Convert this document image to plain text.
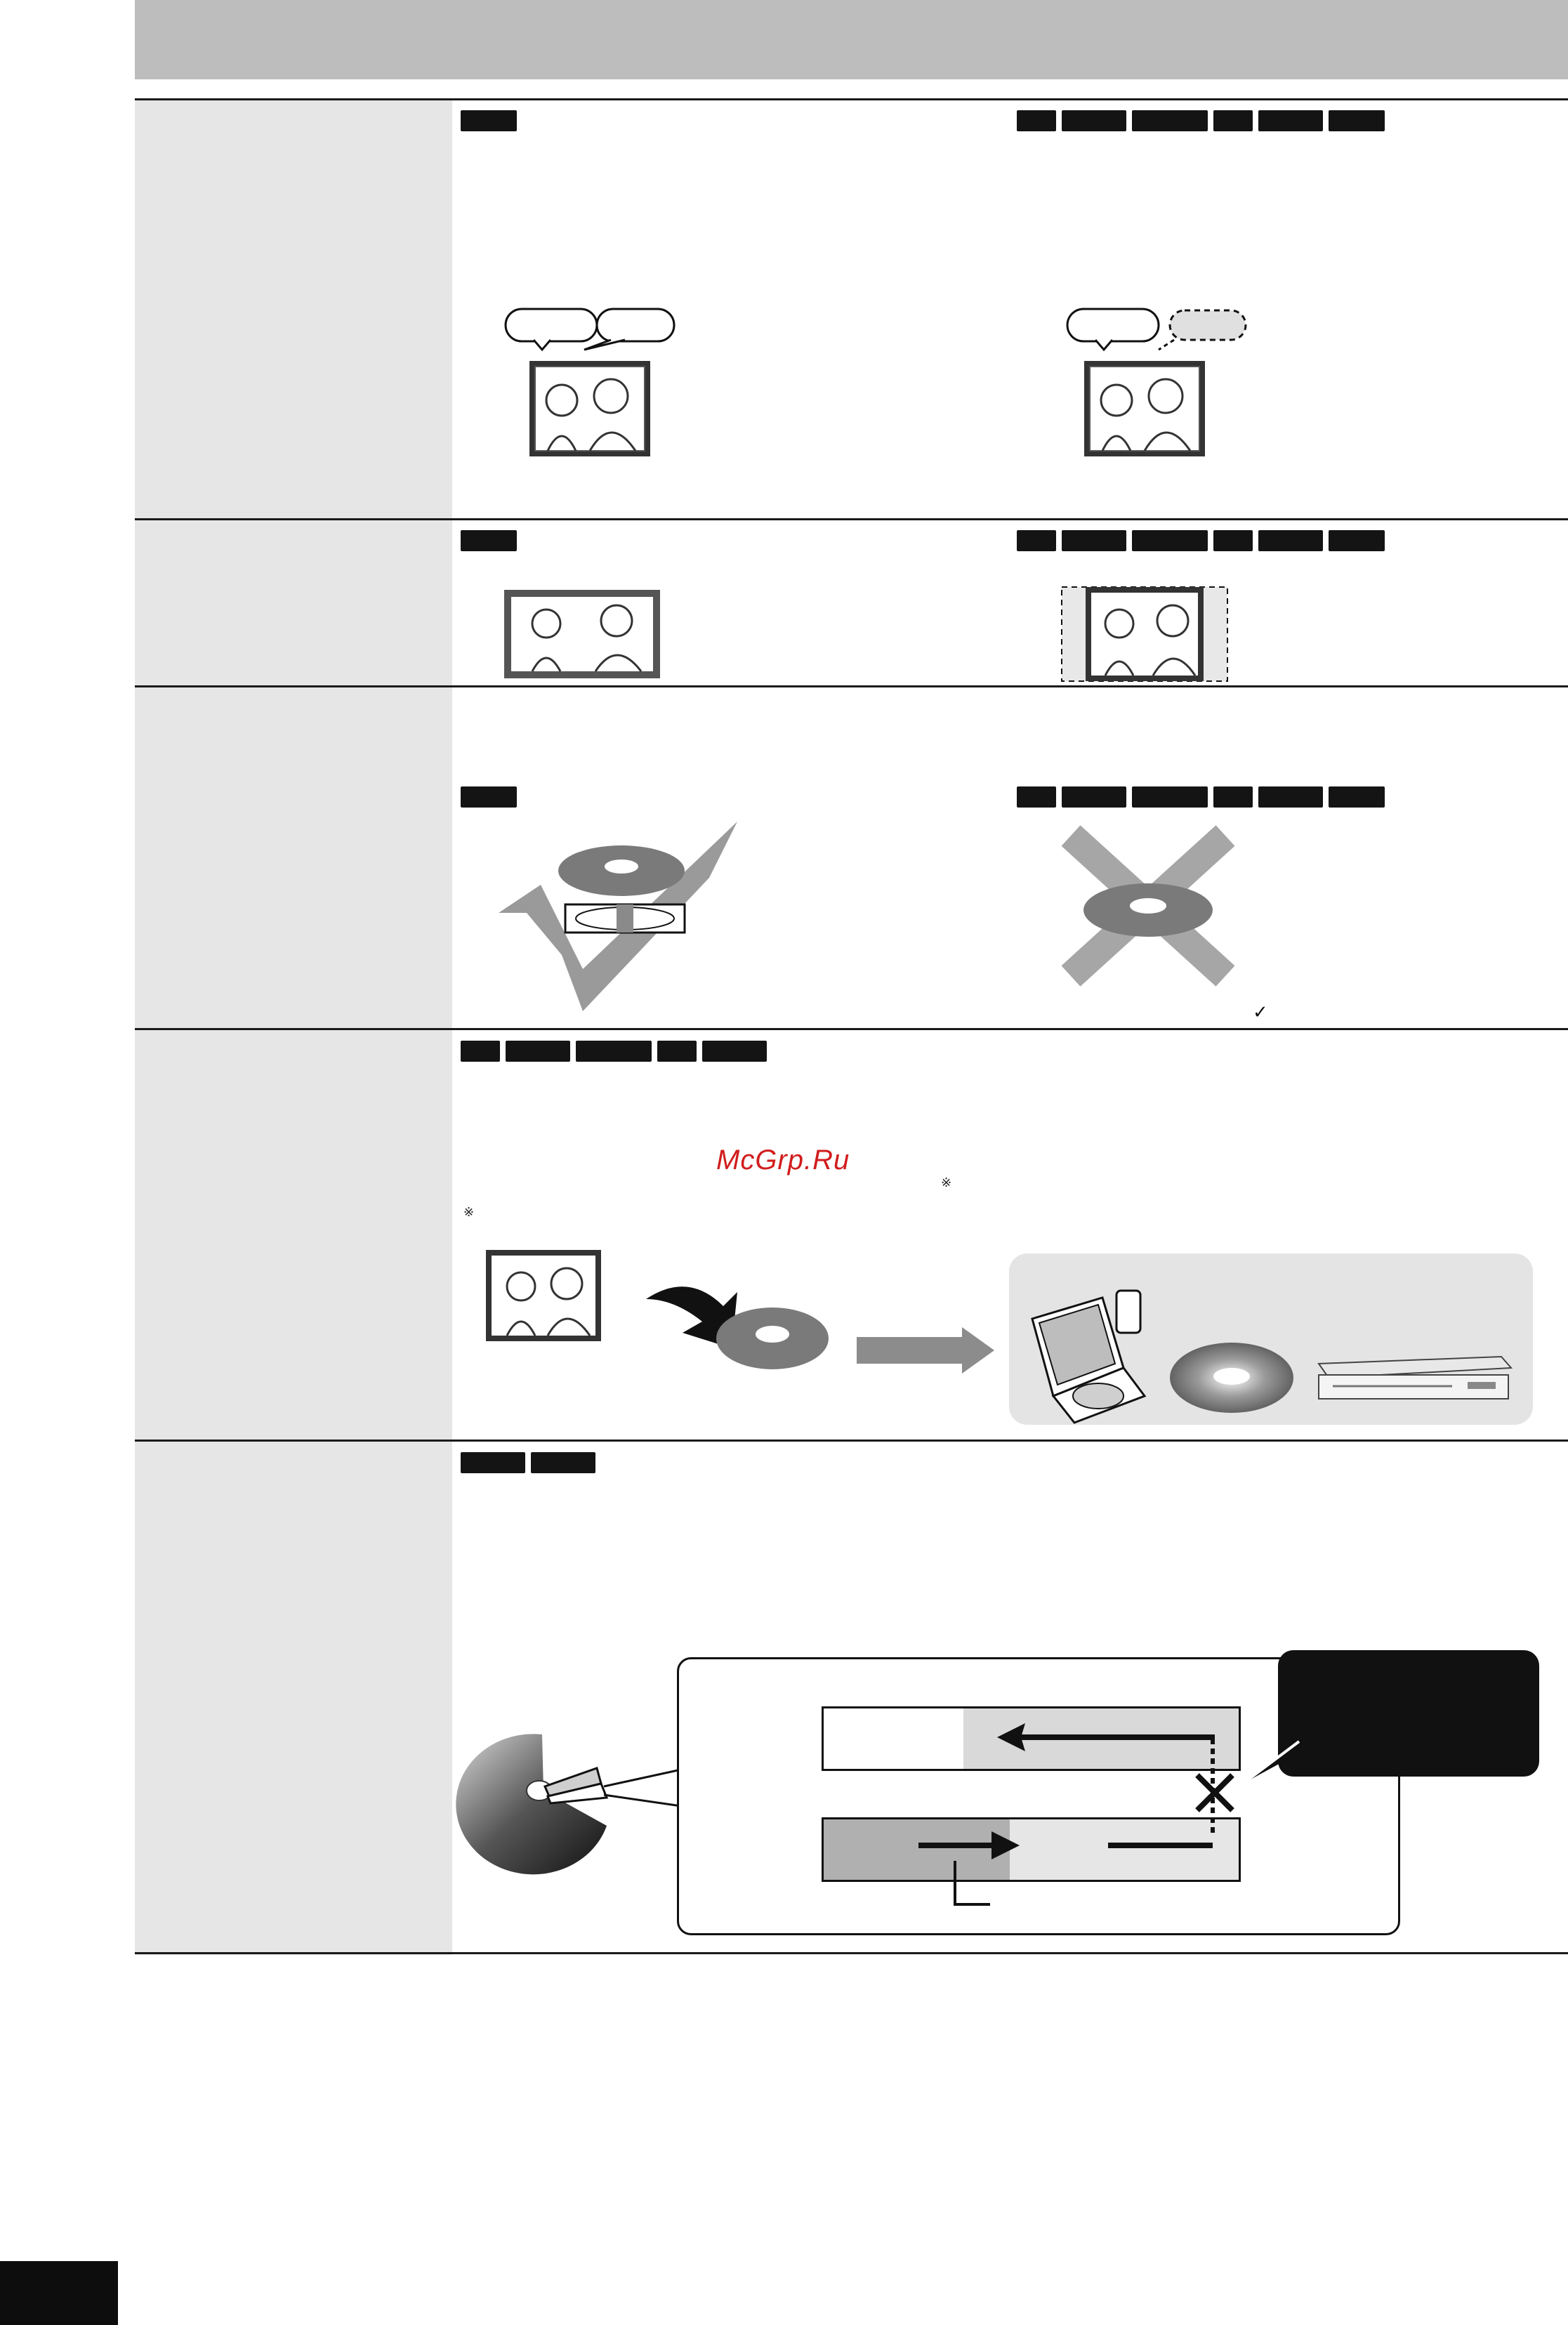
✓
McGrp.Ru
※
※
